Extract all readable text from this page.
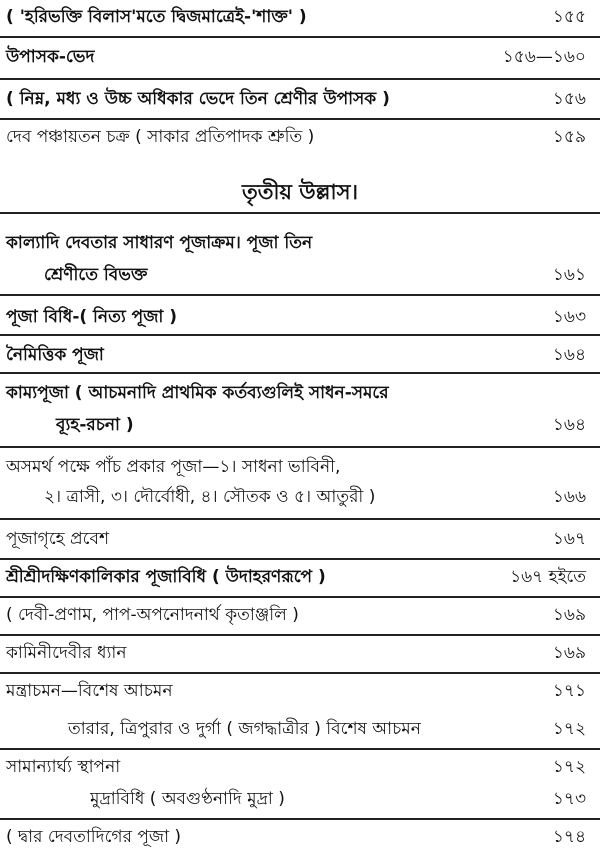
( 'হরিভক্তি বিলাস'মতে দ্বিজমাত্রেই-'শাক্ত' )	১৫৫
উপাসক-ভেদ	১৫৬—১৬০
( নিম্ন, মধ্য ও উচ্চ অধিকার ভেদে তিন শ্রেণীর উপাসক )	১৫৬
দেব পঞ্চায়তন চক্র ( সাকার প্রতিপাদক শ্রুতি )	১৫৯
তৃতীয় উল্লাস।
কাল্যাদি দেবতার সাধারণ পূজাক্রম। পূজা তিন
শ্রেণীতে বিভক্ত	১৬১
পূজা বিধি-( নিত্য পূজা )	১৬৩
নৈমিত্তিক পূজা	১৬৪
কাম্যপূজা ( আচমনাদি প্রাথমিক কর্তব্যগুলিই সাধন-সমরে
ব্যূহ-রচনা )	১৬৪
অসমর্থ পক্ষে পাঁচ প্রকার পূজা—১। সাধনা ভাবিনী,
২। ত্রাসী, ৩। দৌর্বোধী, ৪। সৌতক ও ৫। আতুরী )	১৬৬
পূজাগৃহে প্রবেশ	১৬৭
শ্রীশ্রীদক্ষিণকালিকার পূজাবিধি ( উদাহরণরূপে )	১৬৭ হইতে
( দেবী-প্রণাম, পাপ-অপনোদনার্থ কৃতাঞ্জলি )	১৬৯
কামিনীদেবীর ধ্যান	১৬৯
মন্ত্রাচমন—বিশেষ আচমন	১৭১
তারার, ত্রিপুরার ও দুর্গা ( জগদ্ধাত্রীর ) বিশেষ আচমন	১৭২
সামান্যার্ঘ্য স্থাপনা	১৭২
মুদ্রাবিধি ( অবগুণ্ঠনাদি মুদ্রা )	১৭৩
( দ্বার দেবতাদিগের পূজা )	১৭৪
